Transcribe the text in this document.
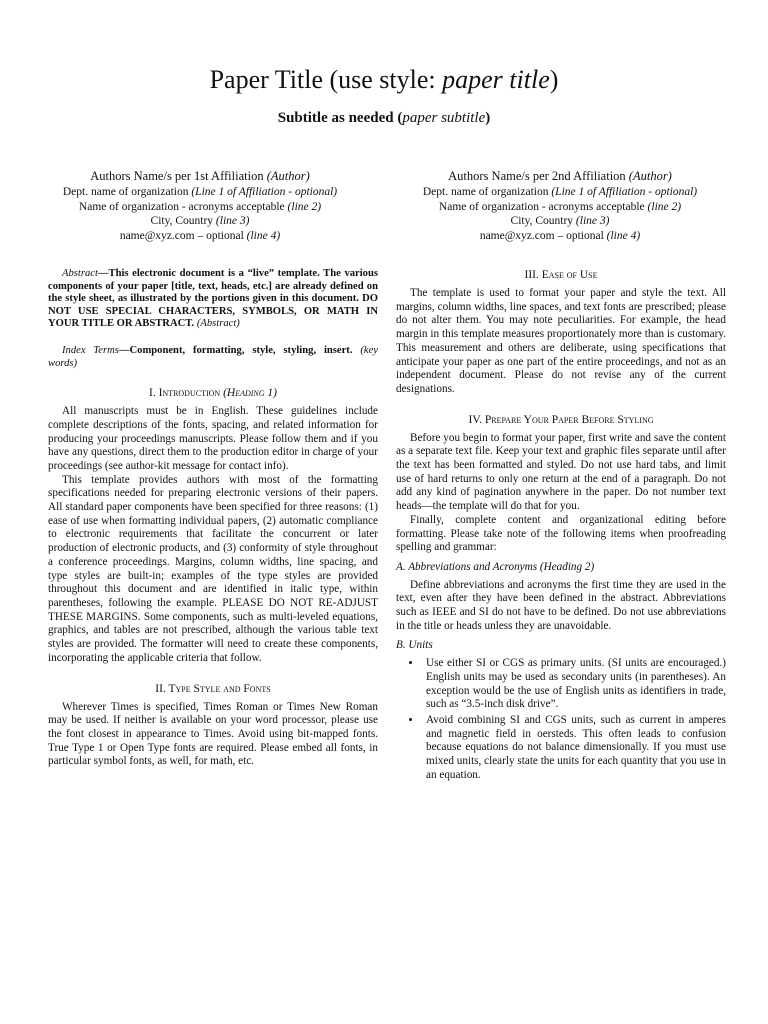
Paper Title (use style: paper title)
Subtitle as needed (paper subtitle)
Authors Name/s per 1st Affiliation (Author)
Dept. name of organization (Line 1 of Affiliation - optional)
Name of organization - acronyms acceptable (line 2)
City, Country (line 3)
name@xyz.com – optional (line 4)
Authors Name/s per 2nd Affiliation (Author)
Dept. name of organization (Line 1 of Affiliation - optional)
Name of organization - acronyms acceptable (line 2)
City, Country (line 3)
name@xyz.com – optional (line 4)

Abstract—This electronic document is a “live” template. The various components of your paper [title, text, heads, etc.] are already defined on the style sheet, as illustrated by the portions given in this document. DO NOT USE SPECIAL CHARACTERS, SYMBOLS, OR MATH IN YOUR TITLE OR ABSTRACT. (Abstract)

Index Terms—Component, formatting, style, styling, insert. (key words)

I. Introduction (Heading 1)

All manuscripts must be in English. These guidelines include complete descriptions of the fonts, spacing, and related information for producing your proceedings manuscripts. Please follow them and if you have any questions, direct them to the production editor in charge of your proceedings (see author-kit message for contact info).

This template provides authors with most of the formatting specifications needed for preparing electronic versions of their papers. All standard paper components have been specified for three reasons: (1) ease of use when formatting individual papers, (2) automatic compliance to electronic requirements that facilitate the concurrent or later production of electronic products, and (3) conformity of style throughout a conference proceedings. Margins, column widths, line spacing, and type styles are built-in; examples of the type styles are provided throughout this document and are identified in italic type, within parentheses, following the example. PLEASE DO NOT RE-ADJUST THESE MARGINS. Some components, such as multi-leveled equations, graphics, and tables are not prescribed, although the various table text styles are provided. The formatter will need to create these components, incorporating the applicable criteria that follow.

II. Type Style and Fonts

Wherever Times is specified, Times Roman or Times New Roman may be used. If neither is available on your word processor, please use the font closest in appearance to Times. Avoid using bit-mapped fonts. True Type 1 or Open Type fonts are required. Please embed all fonts, in particular symbol fonts, as well, for math, etc.

III. Ease of Use

The template is used to format your paper and style the text. All margins, column widths, line spaces, and text fonts are prescribed; please do not alter them. You may note peculiarities. For example, the head margin in this template measures proportionately more than is customary. This measurement and others are deliberate, using specifications that anticipate your paper as one part of the entire proceedings, and not as an independent document. Please do not revise any of the current designations.

IV. Prepare Your Paper Before Styling

Before you begin to format your paper, first write and save the content as a separate text file. Keep your text and graphic files separate until after the text has been formatted and styled. Do not use hard tabs, and limit use of hard returns to only one return at the end of a paragraph. Do not add any kind of pagination anywhere in the paper. Do not number text heads—the template will do that for you.

Finally, complete content and organizational editing before formatting. Please take note of the following items when proofreading spelling and grammar:

A. Abbreviations and Acronyms (Heading 2)

Define abbreviations and acronyms the first time they are used in the text, even after they have been defined in the abstract. Abbreviations such as IEEE and SI do not have to be defined. Do not use abbreviations in the title or heads unless they are unavoidable.

B. Units
• Use either SI or CGS as primary units. (SI units are encouraged.) English units may be used as secondary units (in parentheses). An exception would be the use of English units as identifiers in trade, such as “3.5-inch disk drive”.
• Avoid combining SI and CGS units, such as current in amperes and magnetic field in oersteds. This often leads to confusion because equations do not balance dimensionally. If you must use mixed units, clearly state the units for each quantity that you use in an equation.
